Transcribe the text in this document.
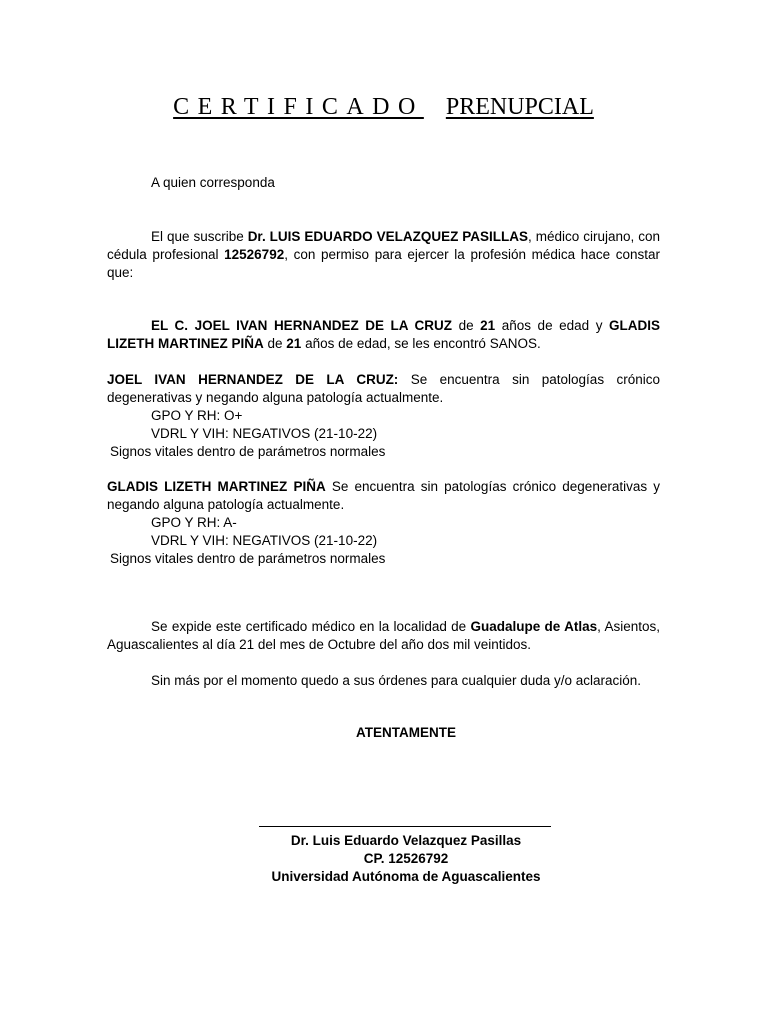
CERTIFICADO PRENUPCIAL

A quien corresponda

El que suscribe Dr. LUIS EDUARDO VELAZQUEZ PASILLAS, médico cirujano, con cédula profesional 12526792, con permiso para ejercer la profesión médica hace constar que:

EL C. JOEL IVAN HERNANDEZ DE LA CRUZ de 21 años de edad y GLADIS LIZETH MARTINEZ PIÑA de 21 años de edad, se les encontró SANOS.

JOEL IVAN HERNANDEZ DE LA CRUZ: Se encuentra sin patologías crónico degenerativas y negando alguna patología actualmente.

GPO Y RH: O+

VDRL Y VIH: NEGATIVOS (21-10-22)

Signos vitales dentro de parámetros normales

GLADIS LIZETH MARTINEZ PIÑA Se encuentra sin patologías crónico degenerativas y negando alguna patología actualmente.

GPO Y RH: A-

VDRL Y VIH: NEGATIVOS (21-10-22)

Signos vitales dentro de parámetros normales

Se expide este certificado médico en la localidad de Guadalupe de Atlas, Asientos, Aguascalientes al día 21 del mes de Octubre del año dos mil veintidos.

Sin más por el momento quedo a sus órdenes para cualquier duda y/o aclaración.

ATENTAMENTE

Dr. Luis Eduardo Velazquez Pasillas

CP. 12526792

Universidad Autónoma de Aguascalientes
